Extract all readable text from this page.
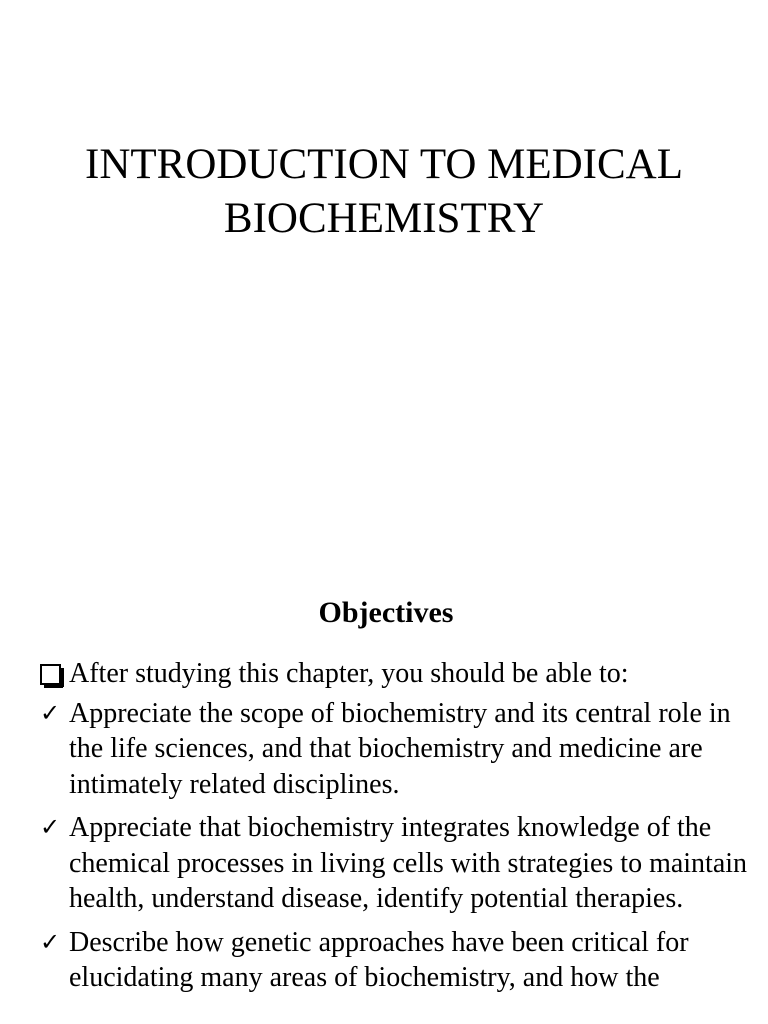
INTRODUCTION TO MEDICAL
BIOCHEMISTRY
Objectives
After studying this chapter, you should be able to:
✓ Appreciate the scope of biochemistry and its central role in the life sciences, and that biochemistry and medicine are intimately related disciplines.
✓ Appreciate that biochemistry integrates knowledge of the chemical processes in living cells with strategies to maintain health, understand disease, identify potential therapies.
✓ Describe how genetic approaches have been critical for elucidating many areas of biochemistry, and how the
